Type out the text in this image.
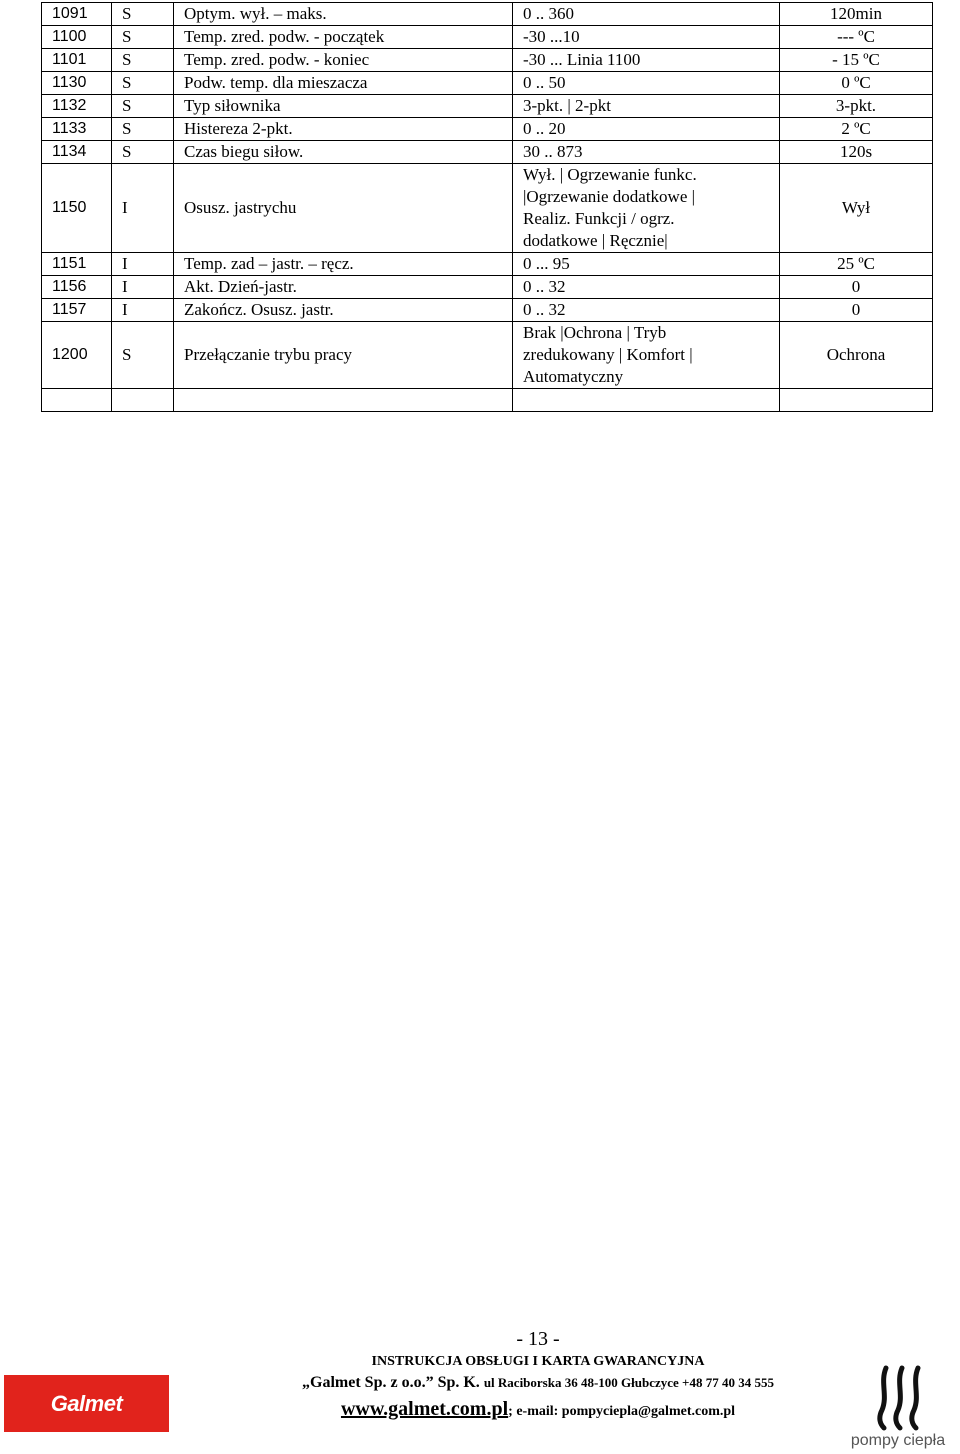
1091	S	Optym. wył. – maks.	0 .. 360	120min
1100	S	Temp. zred. podw. - początek	-30 ...10	--- ºC
1101	S	Temp. zred. podw. - koniec	-30 ... Linia 1100	- 15 ºC
1130	S	Podw. temp. dla mieszacza	0 .. 50	0 ºC
1132	S	Typ siłownika	3-pkt. | 2-pkt	3-pkt.
1133	S	Histereza 2-pkt.	0 .. 20	2 ºC
1134	S	Czas biegu siłow.	30 .. 873	120s
1150	I	Osusz. jastrychu	Wył. | Ogrzewanie funkc.
|Ogrzewanie dodatkowe |
Realiz. Funkcji / ogrz.
dodatkowe | Ręcznie|	Wył
1151	I	Temp. zad – jastr. – ręcz.	0 ... 95	25 ºC
1156	I	Akt. Dzień-jastr.	0 .. 32	0
1157	I	Zakończ. Osusz. jastr.	0 .. 32	0
1200	S	Przełączanie trybu pracy	Brak |Ochrona | Tryb
zredukowany | Komfort |
Automatyczny	Ochrona

- 13 -
INSTRUKCJA OBSŁUGI I KARTA GWARANCYJNA
„Galmet Sp. z o.o.” Sp. K. ul Raciborska 36 48-100 Głubczyce +48 77 40 34 555
www.galmet.com.pl; e-mail: pompyciepla@galmet.com.pl
Galmet
pompy ciepła
